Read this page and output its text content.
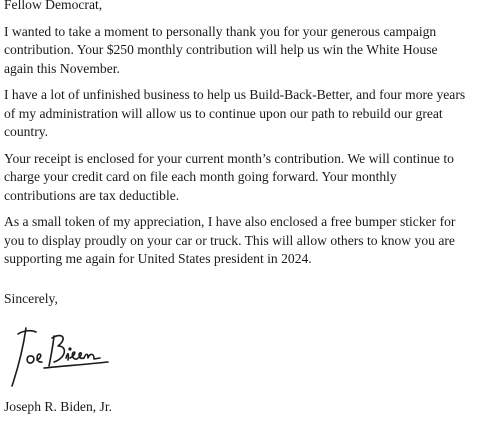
Fellow Democrat,

I wanted to take a moment to personally thank you for your generous campaign
contribution. Your $250 monthly contribution will help us win the White House
again this November.

I have a lot of unfinished business to help us Build-Back-Better, and four more years
of my administration will allow us to continue upon our path to rebuild our great
country.

Your receipt is enclosed for your current month’s contribution. We will continue to
charge your credit card on file each month going forward. Your monthly
contributions are tax deductible.

As a small token of my appreciation, I have also enclosed a free bumper sticker for
you to display proudly on your car or truck. This will allow others to know you are
supporting me again for United States president in 2024.

Sincerely,

Joseph R. Biden, Jr.
